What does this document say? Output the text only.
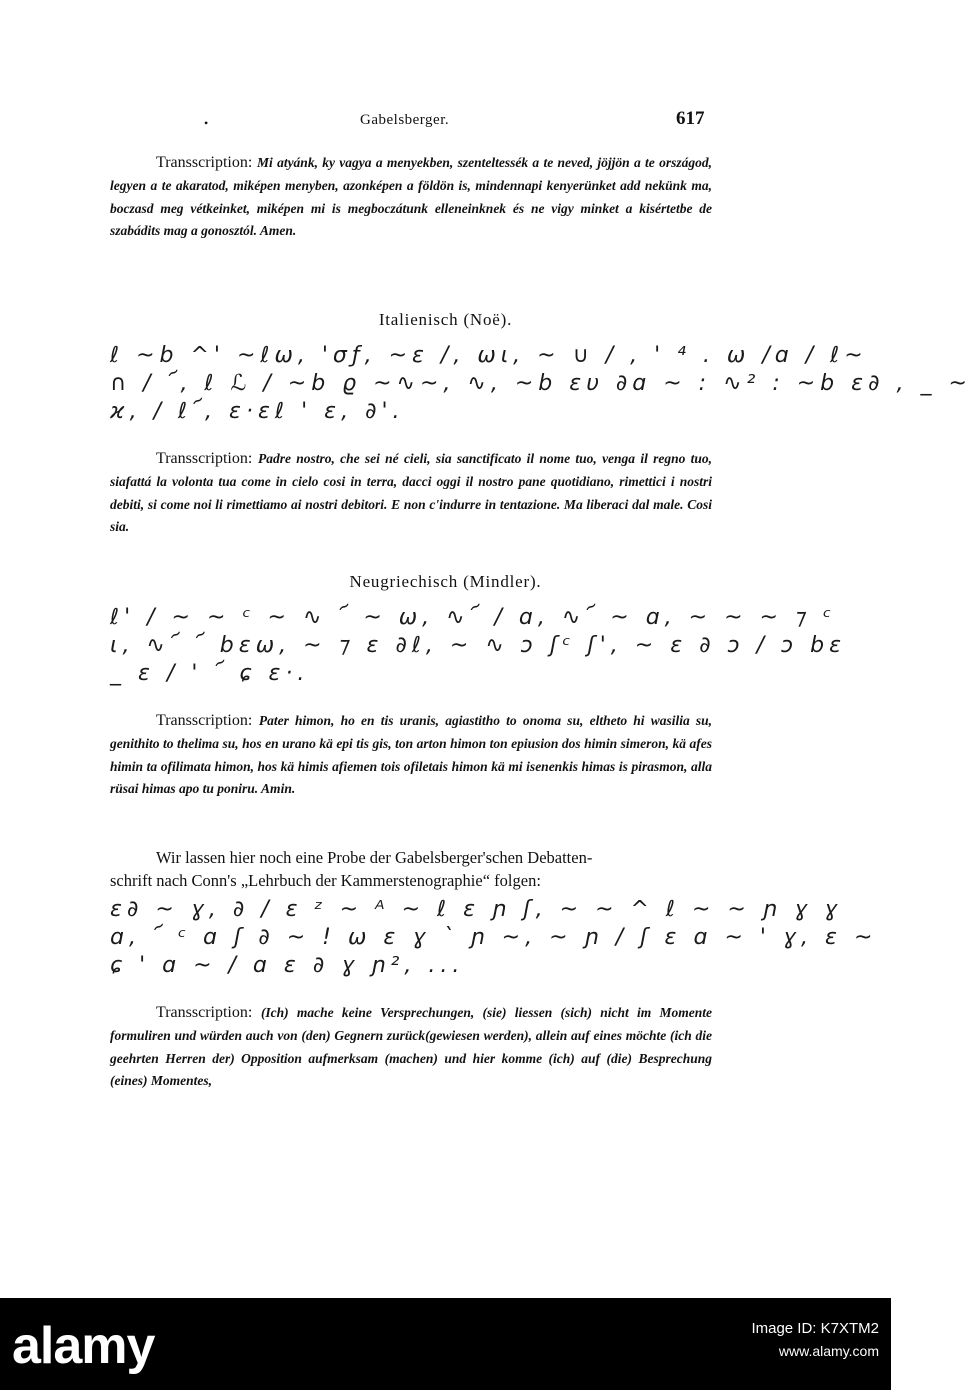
•	Gabelsberger.	617
Transscription: Mi atyánk, ky vagya a menyekben, szenteltessék a te neved, jöjjön a te országod, legyen a te akaratod, miképen menyben, azonképen a földön is, mindennapi kenyerünket add nekünk ma, boczasd meg vétkeinket, miképen mi is megboczátunk elleneinknek és ne vigy minket a kisértetbe de szabádits mag a gonosztól. Amen.
Italienisch (Noë).
ℓ ~b ^' ~ℓω, 'σƒ, ~ε /, ωι, ~ ∪ / , ' ⁴ . ω /ɑ / ℓ~
∩ / ՜, ℓ ℒ / ~b ϱ ~∿~, ∿, ~b ɛυ ∂ɑ ~ : ∿² : ~b ɛ∂ , _ ~
ϰ, / ℓ՜, ɛ·ɛℓ ' ɛ, ∂'.
Transscription: Padre nostro, che sei né cieli, sia sanctificato il nome tuo, venga il regno tuo, siafattá la volonta tua come in cielo cosi in terra, dacci oggi il nostro pane quotidiano, rimettici i nostri debiti, si come noi li rimettiamo ai nostri debitori. E non c'indurre in tentazione. Ma liberaci dal male. Cosi sia.
Neugriechisch (Mindler).
ℓ' / ~ ~ ᶜ ~ ∿ ՜ ~ ω, ∿՜ / ɑ, ∿՜ ~ ɑ, ~ ~ ~ ⁊ ᶜ
ι, ∿՜ ՜ bɛω, ~ ⁊ ɛ ∂ℓ, ~ ∿ ɔ ʃᶜ ʃ', ~ ɛ ∂ ɔ / ɔ bɛ
_ ɛ / ' ՜ ɕ ɛ·.
Transscription: Pater himon, ho en tis uranis, agiastitho to onoma su, eltheto hi wasilia su, genithito to thelima su, hos en urano kä epi tis gis, ton arton himon ton epiusion dos himin simeron, kä afes himin ta ofilimata himon, hos kä himis afiemen tois ofiletais himon kä mi isenenkis himas is pirasmon, alla rüsai himas apo tu poniru. Amin.
Wir lassen hier noch eine Probe der Gabelsberger'schen Debatten-
schrift nach Conn's „Lehrbuch der Kammerstenographie“ folgen:
ɛ∂ ~ ɣ, ∂ / ɛ ᶻ ~ ᴬ ~ ℓ ɛ ɲ ʃ, ~ ~ ^ ℓ ~ ~ ɲ ɣ ɣ
ɑ, ՜ ᶜ ɑ ʃ ∂ ~ ! ω ɛ ɣ ` ɲ ~, ~ ɲ / ʃ ɛ ɑ ~ ' ɣ, ɛ ~
ɕ ' ɑ ~ / ɑ ɛ ∂ ɣ ɲ², ...
Transscription: (Ich) mache keine Versprechungen, (sie) liessen (sich) nicht im Momente formuliren und würden auch von (den) Gegnern zurück(gewiesen werden), allein auf eines möchte (ich die geehrten Herren der) Opposition aufmerksam (machen) und hier komme (ich) auf (die) Besprechung (eines) Momentes,
alamy	Image ID: K7XTM2
www.alamy.com
